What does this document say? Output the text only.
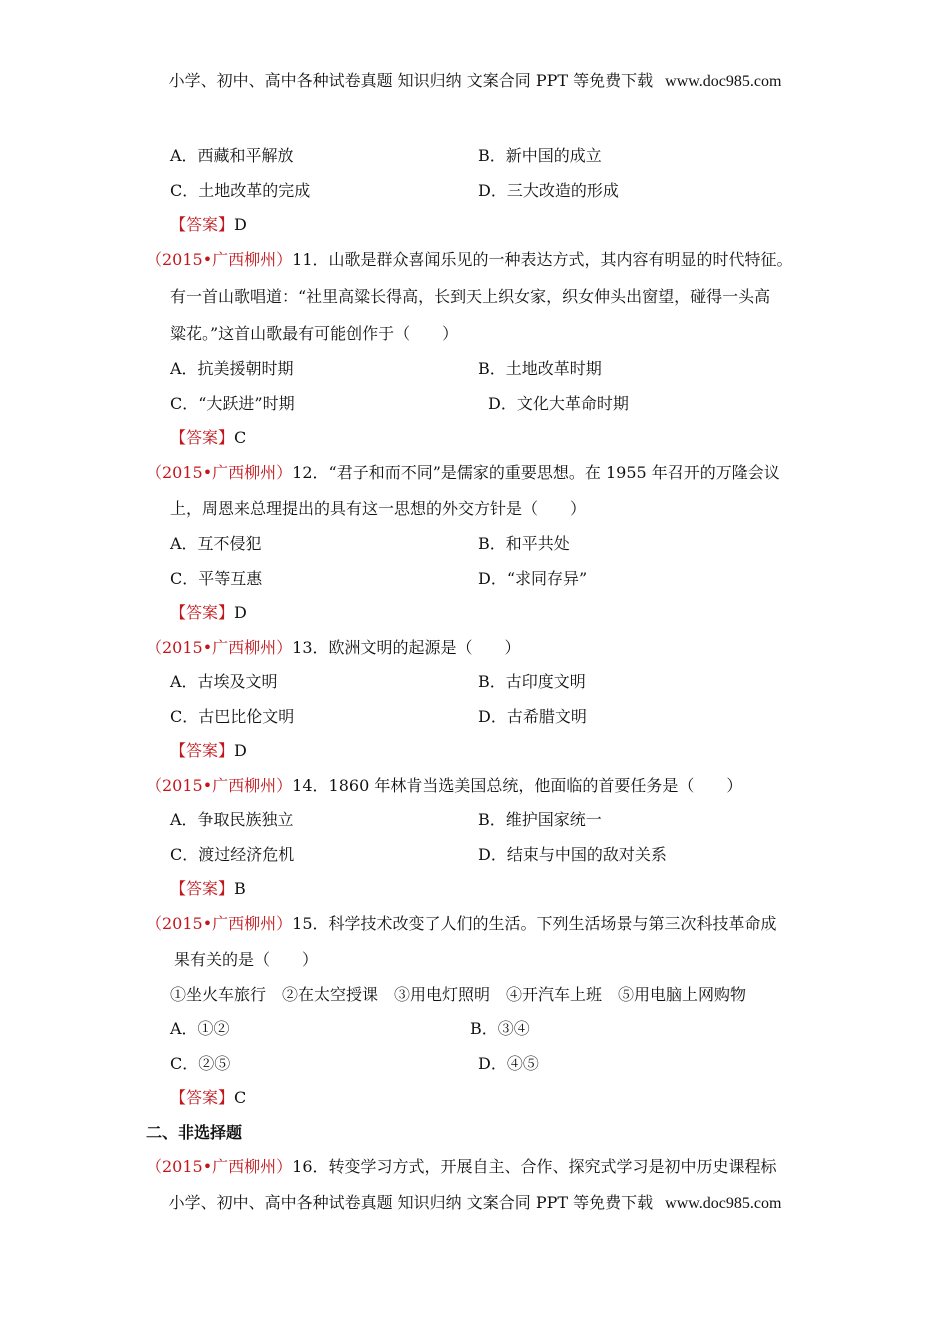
小学、初中、高中各种试卷真题 知识归纳 文案合同 PPT 等免费下载 www.doc985.com
A．西藏和平解放	B．新中国的成立
C．土地改革的完成	D．三大改造的形成
【答案】D
（2015•广西柳州）11．山歌是群众喜闻乐见的一种表达方式，其内容有明显的时代特征。
有一首山歌唱道：“社里高粱长得高，长到天上织女家，织女伸头出窗望，碰得一头高
粱花。”这首山歌最有可能创作于（　　）
A．抗美援朝时期	B．土地改革时期
C．“大跃进”时期	D．文化大革命时期
【答案】C
（2015•广西柳州）12．“君子和而不同”是儒家的重要思想。在 1955 年召开的万隆会议
上，周恩来总理提出的具有这一思想的外交方针是（　　）
A．互不侵犯	B．和平共处
C．平等互惠	D．“求同存异”
【答案】D
（2015•广西柳州）13．欧洲文明的起源是（　　）
A．古埃及文明	B．古印度文明
C．古巴比伦文明	D．古希腊文明
【答案】D
（2015•广西柳州）14．1860 年林肯当选美国总统，他面临的首要任务是（　　）
A．争取民族独立	B．维护国家统一
C．渡过经济危机	D．结束与中国的敌对关系
【答案】B
（2015•广西柳州）15．科学技术改变了人们的生活。下列生活场景与第三次科技革命成
果有关的是（　　）
①坐火车旅行　②在太空授课　③用电灯照明　④开汽车上班　⑤用电脑上网购物
A．①②	B．③④
C．②⑤	D．④⑤
【答案】C
二、非选择题
（2015•广西柳州）16．转变学习方式，开展自主、合作、探究式学习是初中历史课程标
小学、初中、高中各种试卷真题 知识归纳 文案合同 PPT 等免费下载 www.doc985.com
